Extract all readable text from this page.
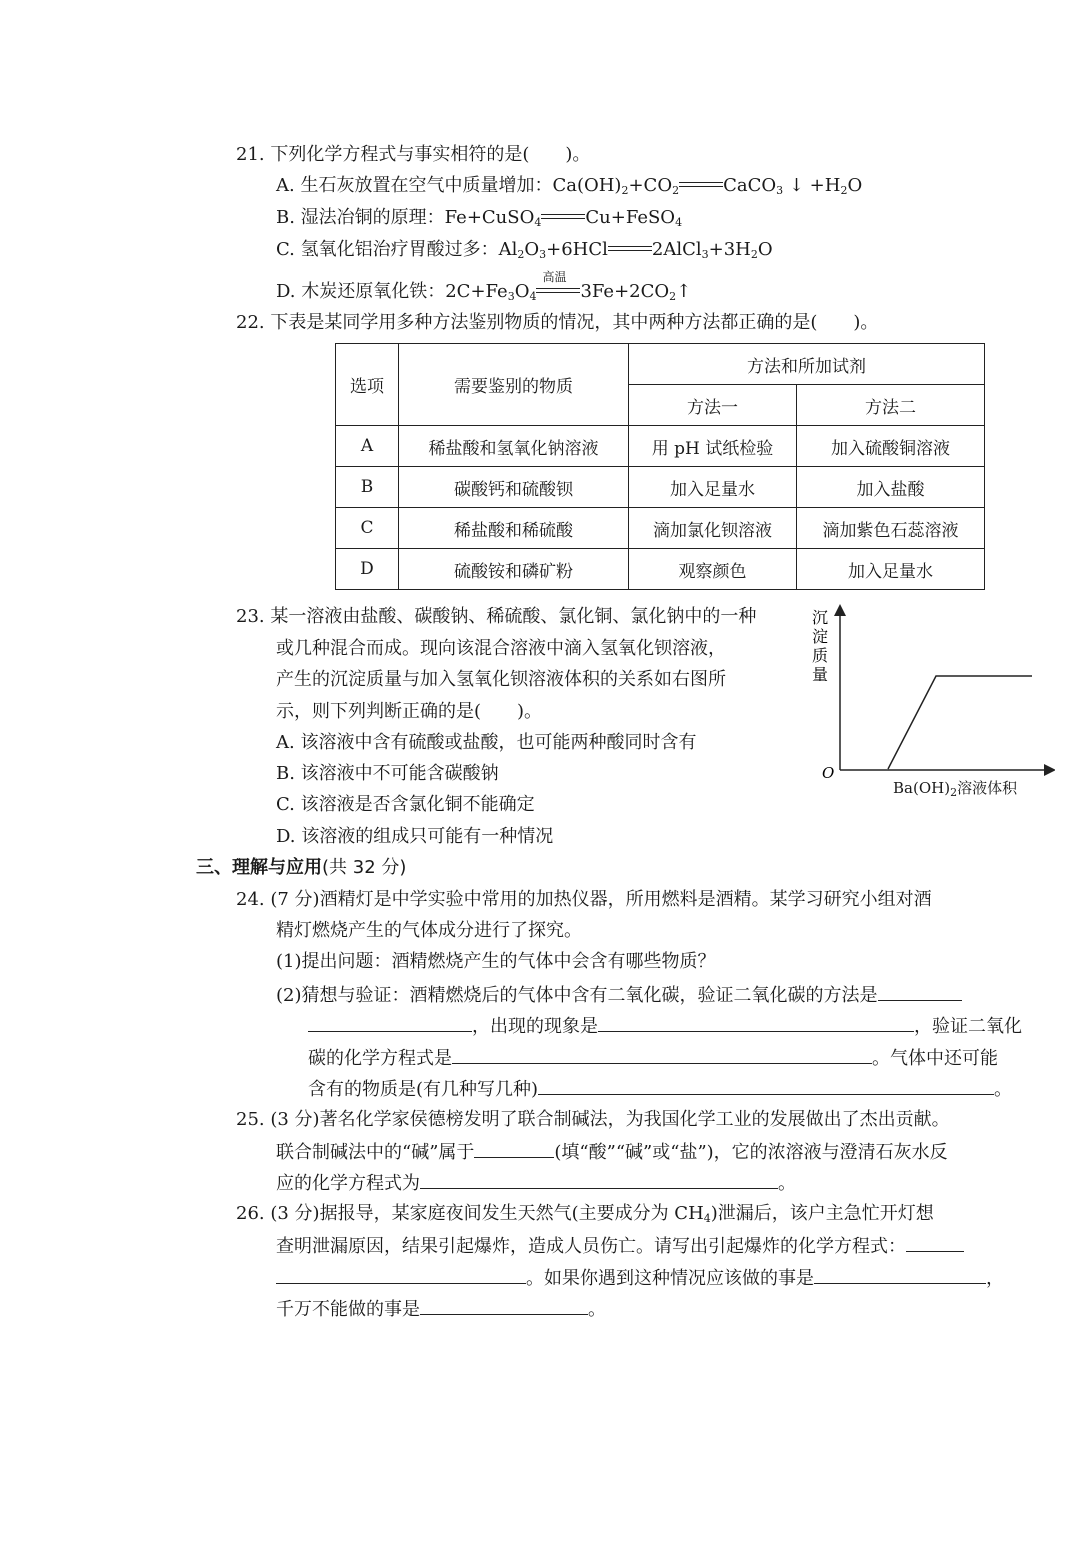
21. 下列化学方程式与事实相符的是(　　)。
A. 生石灰放置在空气中质量增加：$Ca(OH)_2+CO_2$ CaCO$_3$ ↓ $+H_2O$
B. 湿法冶铜的原理：Fe+CuSO$_4$ Cu+FeSO$_4$
C. 氢氧化铝治疗胃酸过多：$Al_2O_3+6HCl$ $2AlCl_3+3H_2O$
D. 木炭还原氧化铁：$2C+Fe_3O_4$
高温
$3Fe+2CO_2↑$
22. 下表是某同学用多种方法鉴别物质的情况，其中两种方法都正确的是(　　)。
选项	需要鉴别的物质	方法和所加试剂	
		方法一	方法二
A	稀盐酸和氢氧化钠溶液	用 pH 试纸检验	加入硫酸铜溶液
B	碳酸钙和硫酸钡	加入足量水	加入盐酸
C	稀盐酸和稀硫酸	滴加氯化钡溶液	滴加紫色石蕊溶液
D	硫酸铵和磷矿粉	观察颜色	加入足量水
23. 某一溶液由盐酸、碳酸钠、稀硫酸、氯化铜、氯化钠中的一种
或几种混合而成。现向该混合溶液中滴入氢氧化钡溶液，
产生的沉淀质量与加入氢氧化钡溶液体积的关系如右图所
示，则下列判断正确的是(　　)。
A. 该溶液中含有硫酸或盐酸，也可能两种酸同时含有
B. 该溶液中不可能含碳酸钠
C. 该溶液是否含氯化铜不能确定
D. 该溶液的组成只可能有一种情况
沉
淀
质
量
O
$Ba(OH)_2$溶液体积
三、理解与应用(共 32 分)
24. (7 分)酒精灯是中学实验中常用的加热仪器，所用燃料是酒精。某学习研究小组对酒
精灯燃烧产生的气体成分进行了探究。
(1)提出问题：酒精燃烧产生的气体中会含有哪些物质？
(2)猜想与验证：酒精燃烧后的气体中含有二氧化碳，验证二氧化碳的方法是
，出现的现象是	，验证二氧化
碳的化学方程式是	。气体中还可能
含有的物质是(有几种写几种)	。
25. (3 分)著名化学家侯德榜发明了联合制碱法，为我国化学工业的发展做出了杰出贡献。
联合制碱法中的“碱”属于	(填“酸”“碱”或“盐”)，它的浓溶液与澄清石灰水反
应的化学方程式为	。
26. (3 分)据报导，某家庭夜间发生天然气(主要成分为 $CH_4$)泄漏后，该户主急忙开灯想
查明泄漏原因，结果引起爆炸，造成人员伤亡。请写出引起爆炸的化学方程式：
。如果你遇到这种情况应该做的事是	，
千万不能做的事是	。
